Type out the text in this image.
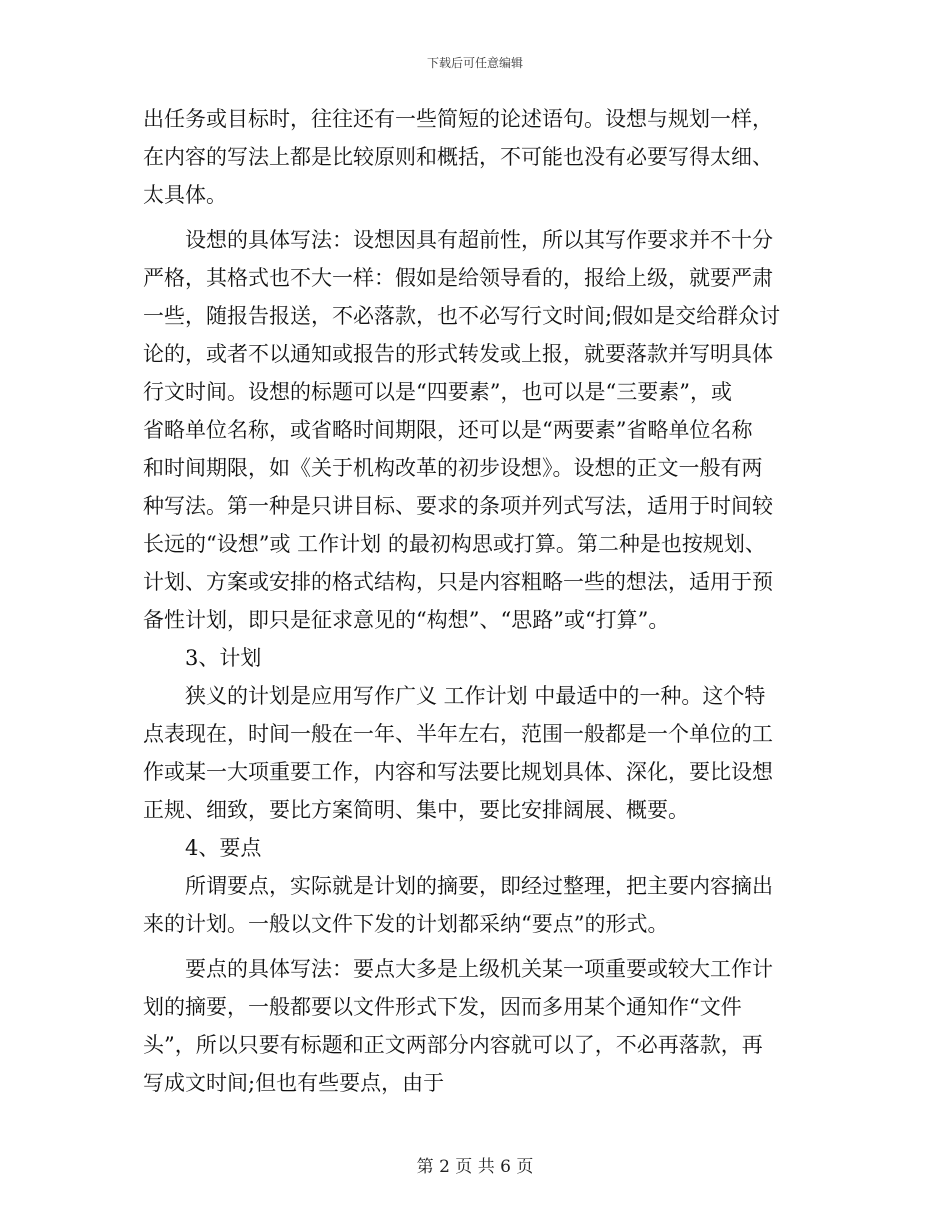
下载后可任意编辑
出任务或目标时，往往还有一些简短的论述语句。设想与规划一样，
在内容的写法上都是比较原则和概括，不可能也没有必要写得太细、
太具体。
　　设想的具体写法：设想因具有超前性，所以其写作要求并不十分
严格，其格式也不大一样：假如是给领导看的，报给上级，就要严肃
一些，随报告报送，不必落款，也不必写行文时间;假如是交给群众讨
论的，或者不以通知或报告的形式转发或上报，就要落款并写明具体
行文时间。设想的标题可以是“四要素”，也可以是“三要素”，或
省略单位名称，或省略时间期限，还可以是“两要素”省略单位名称
和时间期限，如《关于机构改革的初步设想》。设想的正文一般有两
种写法。第一种是只讲目标、要求的条项并列式写法，适用于时间较
长远的“设想”或 工作计划 的最初构思或打算。第二种是也按规划、
计划、方案或安排的格式结构，只是内容粗略一些的想法，适用于预
备性计划，即只是征求意见的“构想”、“思路”或“打算”。
　　3、计划
　　狭义的计划是应用写作广义 工作计划 中最适中的一种。这个特
点表现在，时间一般在一年、半年左右，范围一般都是一个单位的工
作或某一大项重要工作，内容和写法要比规划具体、深化，要比设想
正规、细致，要比方案简明、集中，要比安排阔展、概要。
　　4、要点
　　所谓要点，实际就是计划的摘要，即经过整理，把主要内容摘出
来的计划。一般以文件下发的计划都采纳“要点”的形式。
　　要点的具体写法：要点大多是上级机关某一项重要或较大工作计
划的摘要，一般都要以文件形式下发，因而多用某个通知作“文件
头”，所以只要有标题和正文两部分内容就可以了，不必再落款，再
写成文时间;但也有些要点，由于
第 2 页 共 6 页
